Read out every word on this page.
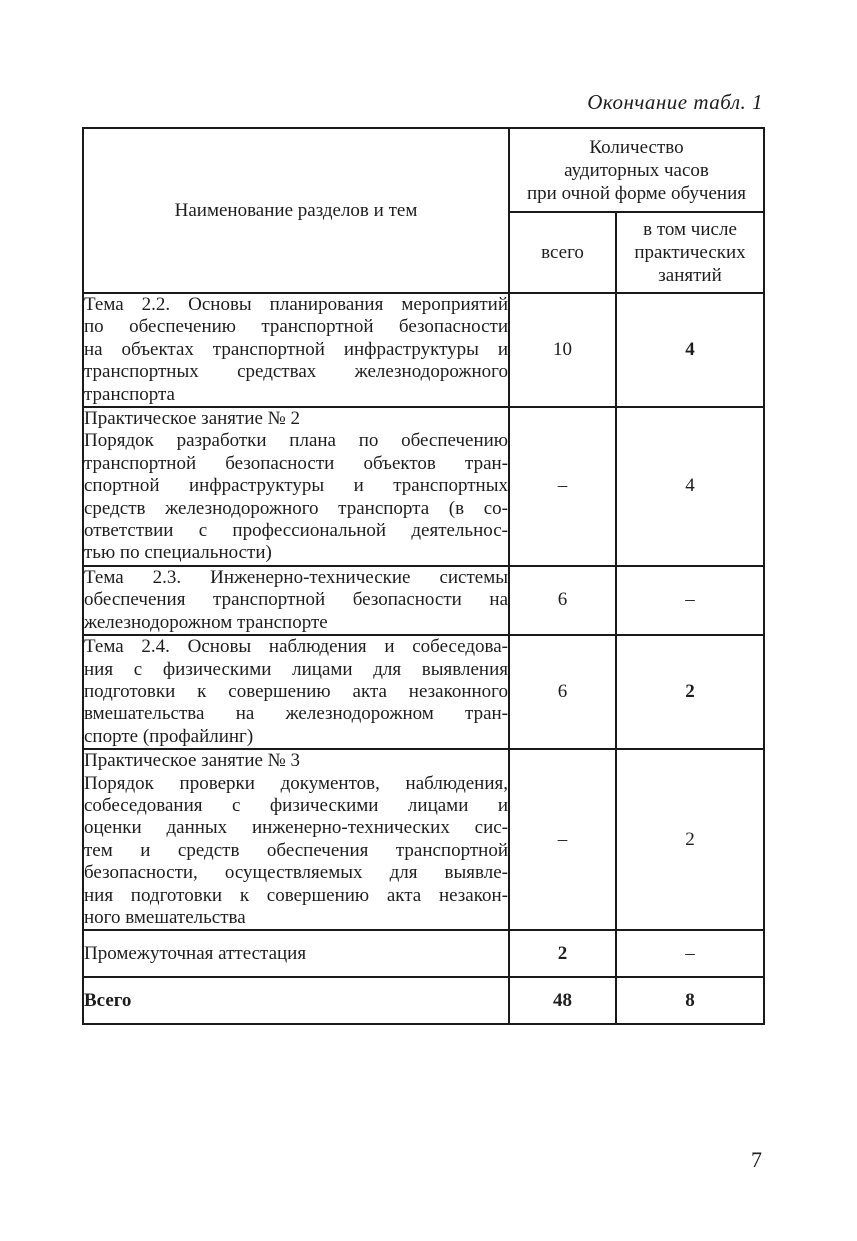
Окончание табл. 1
Наименование разделов и тем	Количество
аудиторных часов
при очной форме обучения	

	всего	в том числе
практических
занятий

Тема 2.2. Основы планирования мероприятий
по обеспечению транспортной безопасности
на объектах транспортной инфраструктуры и
транспортных средствах железнодорожного
транспорта	10	4

Практическое занятие № 2
Порядок разработки плана по обеспечению
транспортной безопасности объектов тран-
спортной инфраструктуры и транспортных
средств железнодорожного транспорта (в со-
ответствии с профессиональной деятельнос-
тью по специальности)
	–	4

Тема 2.3. Инженерно-технические системы
обеспечения транспортной безопасности на
железнодорожном транспорте	6	–

Тема 2.4. Основы наблюдения и собеседова-
ния с физическими лицами для выявления
подготовки к совершению акта незаконного
вмешательства на железнодорожном тран-
спорте (профайлинг)	6	2

Практическое занятие № 3
Порядок проверки документов, наблюдения,
собеседования с физическими лицами и
оценки данных инженерно-технических сис-
тем и средств обеспечения транспортной
безопасности, осуществляемых для выявле-
ния подготовки к совершению акта незакон-
ного вмешательства
	–	2

Промежуточная аттестация	2	–

Всего	48	8
7
